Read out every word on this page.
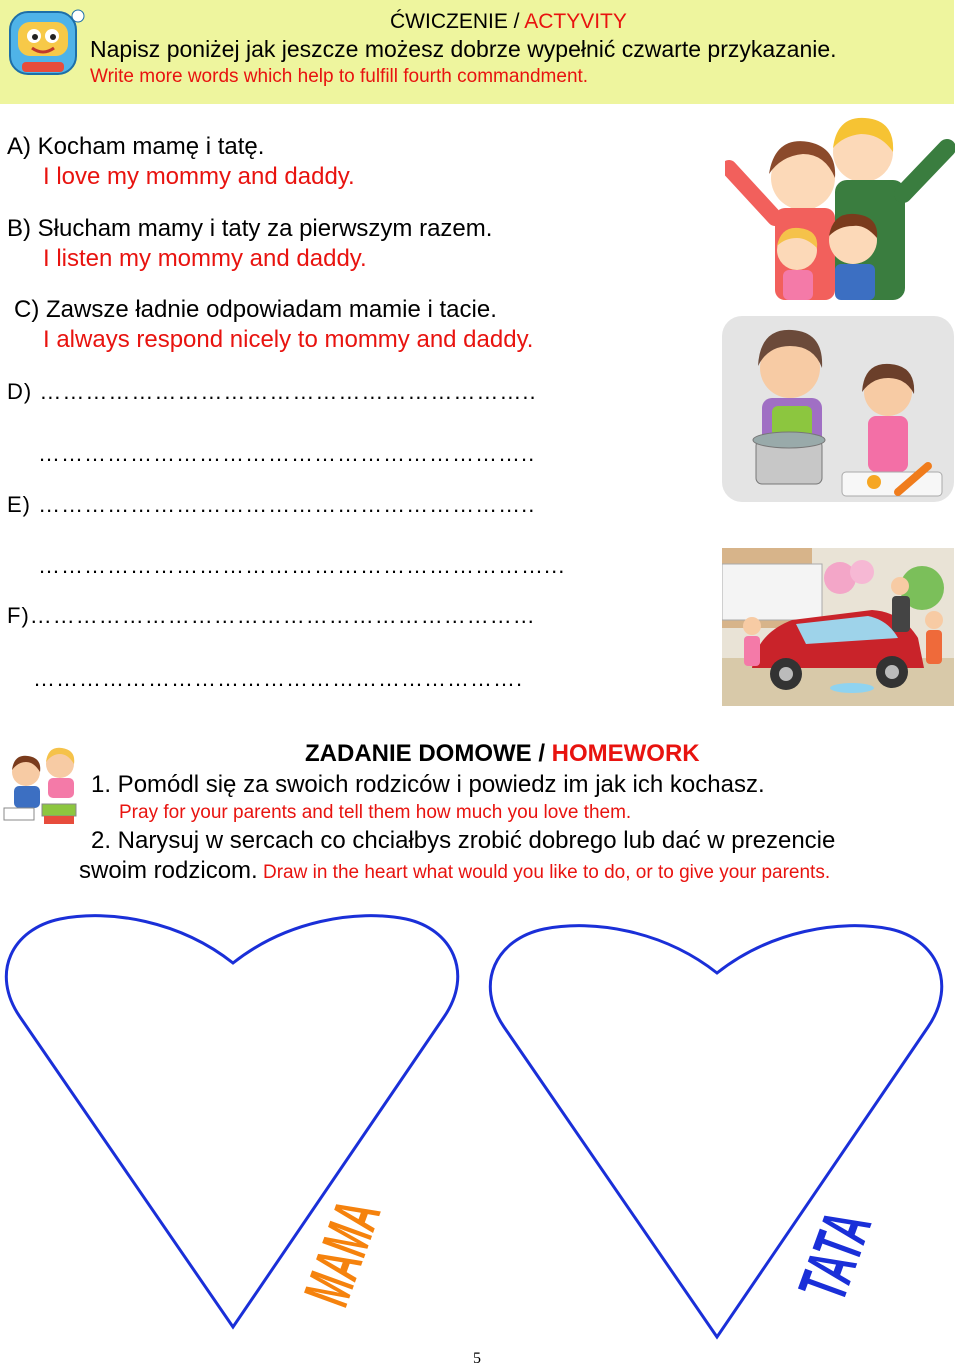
ĆWICZENIE / ACTYVITY
Napisz poniżej jak jeszcze możesz dobrze wypełnić czwarte przykazanie.
Write more words which help to fulfill fourth commandment.
A) Kocham mamę i tatę.
I love my mommy and daddy.
B) Słucham mamy i taty za pierwszym razem.
I listen my mommy and daddy.
C) Zawsze ładnie odpowiadam mamie i tacie.
I always respond nicely to mommy and daddy.
D) ………………………………………………………..
………………………………………………………..
E) ………………………………………………………..
…………………………………………………………...
F)…………………………………………………………
……………………………………………………….
ZADANIE DOMOWE / HOMEWORK
1. Pomódl się za swoich rodziców i powiedz im jak ich kochasz.
Pray for your parents and tell them how much you love them.
2. Narysuj w sercach co chciałbys zrobić dobrego lub dać w prezencie
swoim rodzicom. Draw in the heart what would you like to do, or to give your parents.
MAMA	TATA
5
